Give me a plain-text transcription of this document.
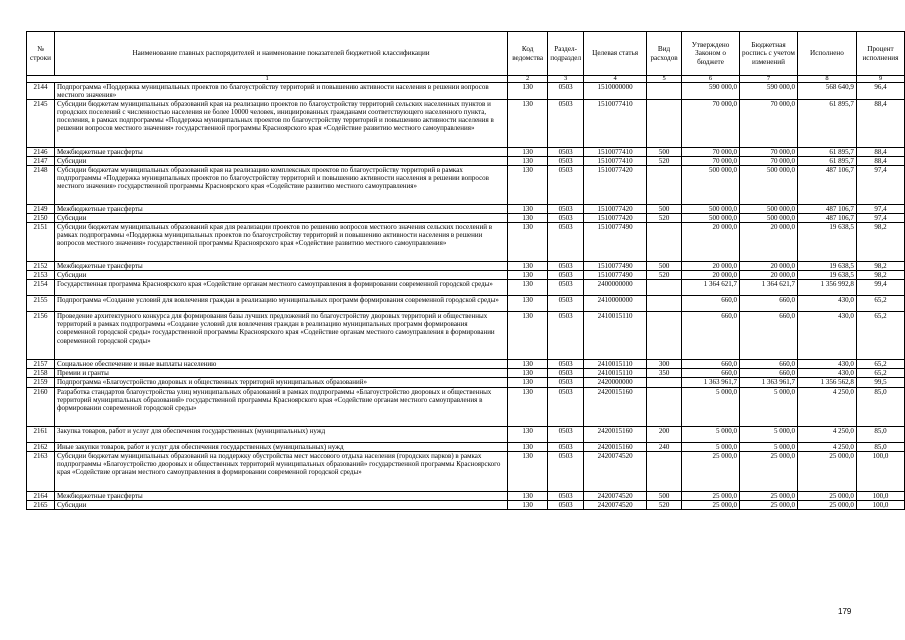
№ строки	Наименование главных распорядителей и наименование показателей бюджетной классификации	Код ведомства	Раздел-подраздел	Целевая статья	Вид расходов	Утверждено Законом о бюджете	Бюджетная роспись с учетом изменений	Исполнено	Процент исполнения
1		2	3	4	5	6	7	8	9
2144	Подпрограмма «Поддержка муниципальных проектов по благоустройству территорий и повышению активности населения в решении вопросов местного значения»	130	0503	1510000000		590 000,0	590 000,0	568 640,9	96,4
2145	Субсидии бюджетам муниципальных образований края на реализацию проектов по благоустройству территорий сельских населенных пунктов и городских поселений с численностью населения не более 10000 человек, инициированных гражданами соответствующего населенного пункта, поселения, в рамках подпрограммы «Поддержка муниципальных проектов по благоустройству территорий и повышению активности населения в решении вопросов местного значения» государственной программы Красноярского края «Содействие развитию местного самоуправления»	130	0503	1510077410		70 000,0	70 000,0	61 895,7	88,4
2146	Межбюджетные трансферты	130	0503	1510077410	500	70 000,0	70 000,0	61 895,7	88,4
2147	Субсидии	130	0503	1510077410	520	70 000,0	70 000,0	61 895,7	88,4
2148	Субсидии бюджетам муниципальных образований края на реализацию комплексных проектов по благоустройству территорий в рамках подпрограммы «Поддержка муниципальных проектов по благоустройству территорий и повышению активности населения в решении вопросов местного значения» государственной программы Красноярского края «Содействие развитию местного самоуправления»	130	0503	1510077420		500 000,0	500 000,0	487 106,7	97,4
2149	Межбюджетные трансферты	130	0503	1510077420	500	500 000,0	500 000,0	487 106,7	97,4
2150	Субсидии	130	0503	1510077420	520	500 000,0	500 000,0	487 106,7	97,4
2151	Субсидии бюджетам муниципальных образований края для реализации проектов по решению вопросов местного значения сельских поселений в рамках подпрограммы «Поддержка муниципальных проектов по благоустройству территорий и повышению активности населения в решении вопросов местного значения» государственной программы Красноярского края «Содействие развитию местного самоуправления»	130	0503	1510077490		20 000,0	20 000,0	19 638,5	98,2
2152	Межбюджетные трансферты	130	0503	1510077490	500	20 000,0	20 000,0	19 638,5	98,2
2153	Субсидии	130	0503	1510077490	520	20 000,0	20 000,0	19 638,5	98,2
2154	Государственная программа Красноярского края «Содействие органам местного самоуправления в формировании современной городской среды»	130	0503	2400000000		1 364 621,7	1 364 621,7	1 356 992,8	99,4
2155	Подпрограмма «Создание условий для вовлечения граждан в реализацию муниципальных программ формирования современной городской среды»	130	0503	2410000000		660,0	660,0	430,0	65,2
2156	Проведение архитектурного конкурса для формирования базы лучших предложений по благоустройству дворовых территорий и общественных территорий в рамках подпрограммы «Создание условий для вовлечения граждан в реализацию муниципальных программ формирования современной городской среды» государственной программы Красноярского края «Содействие органам местного самоуправления в формировании современной городской среды»	130	0503	2410015110		660,0	660,0	430,0	65,2
2157	Социальное обеспечение и иные выплаты населению	130	0503	2410015110	300	660,0	660,0	430,0	65,2
2158	Премии и гранты	130	0503	2410015110	350	660,0	660,0	430,0	65,2
2159	Подпрограмма «Благоустройство дворовых и общественных территорий муниципальных образований»	130	0503	2420000000		1 363 961,7	1 363 961,7	1 356 562,8	99,5
2160	Разработка стандартов благоустройства улиц муниципальных образований в рамках подпрограммы «Благоустройство дворовых и общественных территорий муниципальных образований» государственной программы Красноярского края «Содействие органам местного самоуправления в формировании современной городской среды»	130	0503	2420015160		5 000,0	5 000,0	4 250,0	85,0
2161	Закупка товаров, работ и услуг для обеспечения государственных (муниципальных) нужд	130	0503	2420015160	200	5 000,0	5 000,0	4 250,0	85,0
2162	Иные закупки товаров, работ и услуг для обеспечения государственных (муниципальных) нужд	130	0503	2420015160	240	5 000,0	5 000,0	4 250,0	85,0
2163	Субсидии бюджетам муниципальных образований на поддержку обустройства мест массового отдыха населения (городских парков) в рамках подпрограммы «Благоустройство дворовых и общественных территорий муниципальных образований» государственной программы Красноярского края «Содействие органам местного самоуправления в формировании современной городской среды»	130	0503	2420074520		25 000,0	25 000,0	25 000,0	100,0
2164	Межбюджетные трансферты	130	0503	2420074520	500	25 000,0	25 000,0	25 000,0	100,0
2165	Субсидии	130	0503	2420074520	520	25 000,0	25 000,0	25 000,0	100,0
179
